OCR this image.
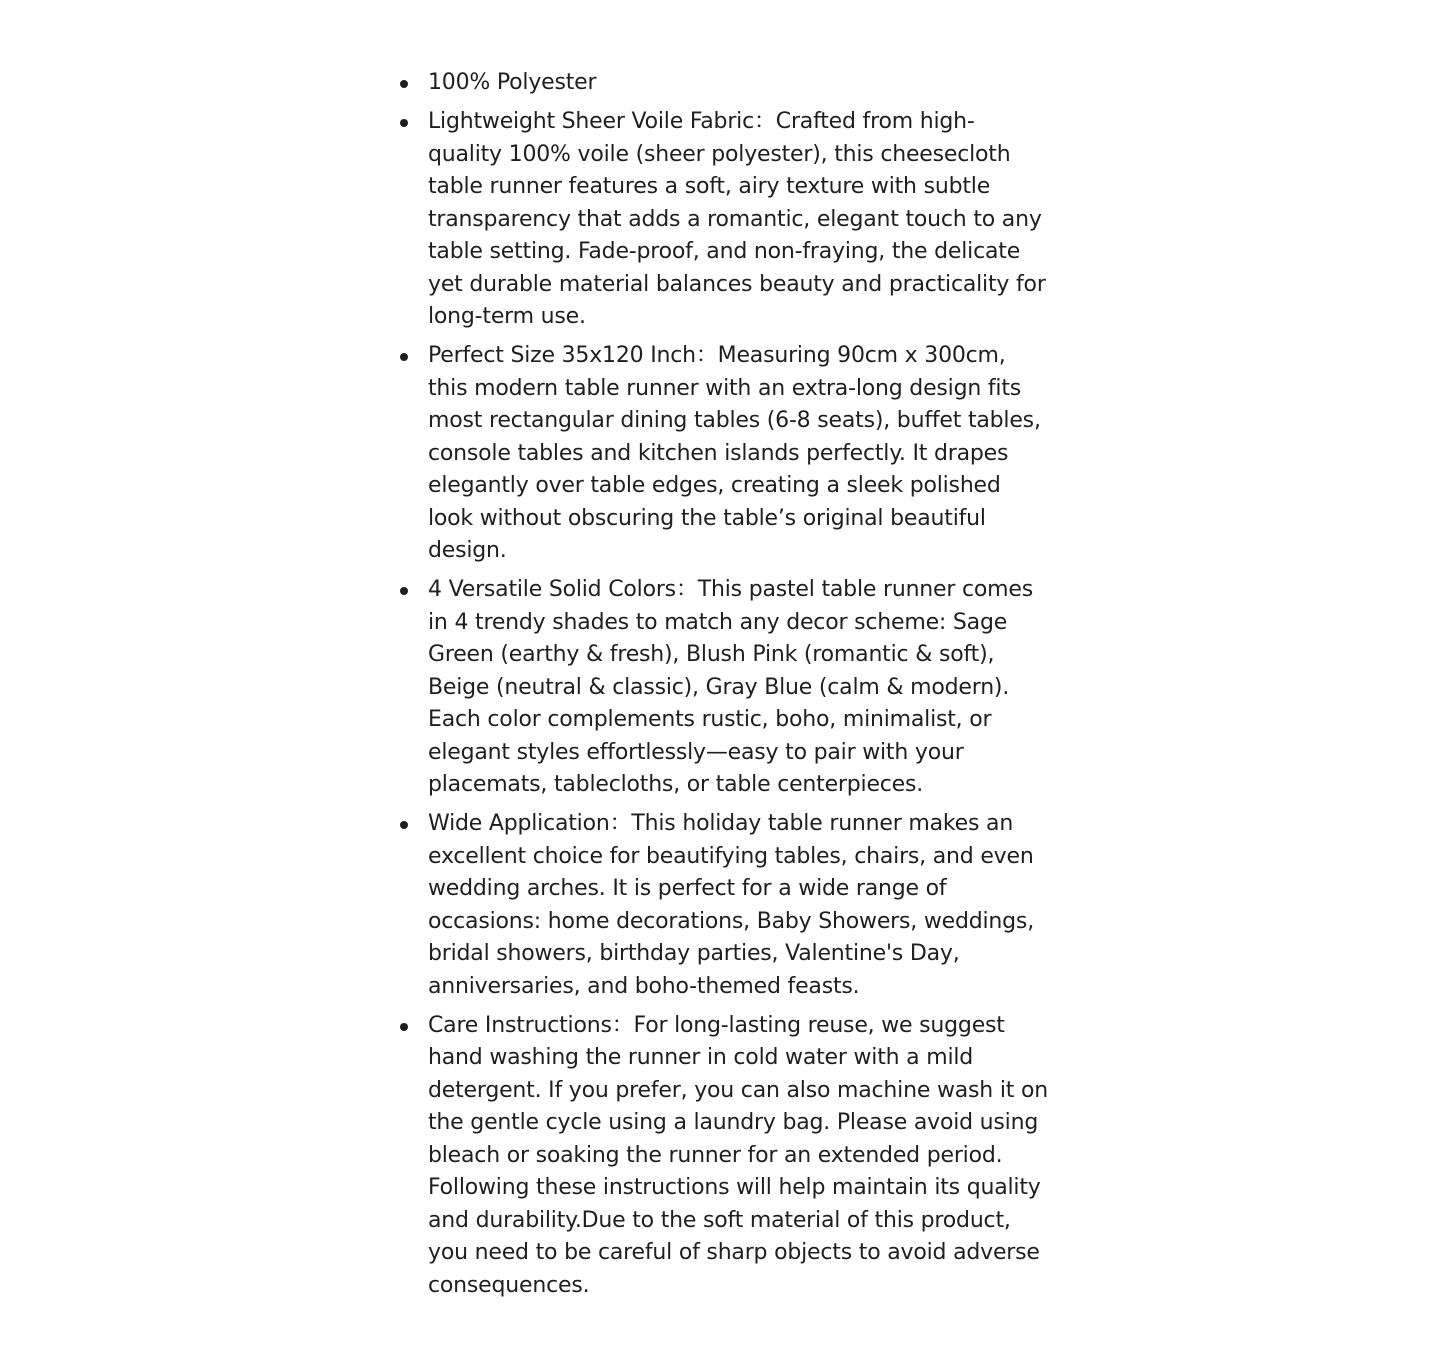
100% Polyester
Lightweight Sheer Voile Fabric：Crafted from high-quality 100% voile (sheer polyester), this cheesecloth table runner features a soft, airy texture with subtle transparency that adds a romantic, elegant touch to any table setting. Fade-proof, and non-fraying, the delicate yet durable material balances beauty and practicality for long-term use.
Perfect Size 35x120 Inch：Measuring 90cm x 300cm, this modern table runner with an extra-long design fits most rectangular dining tables (6-8 seats), buffet tables, console tables and kitchen islands perfectly. It drapes elegantly over table edges, creating a sleek polished look without obscuring the table’s original beautiful design.
4 Versatile Solid Colors：This pastel table runner comes in 4 trendy shades to match any decor scheme: Sage Green (earthy & fresh), Blush Pink (romantic & soft), Beige (neutral & classic), Gray Blue (calm & modern). Each color complements rustic, boho, minimalist, or elegant styles effortlessly—easy to pair with your placemats, tablecloths, or table centerpieces.
Wide Application：This holiday table runner makes an excellent choice for beautifying tables, chairs, and even wedding arches. It is perfect for a wide range of occasions: home decorations, Baby Showers, weddings, bridal showers, birthday parties, Valentine's Day, anniversaries, and boho-themed feasts.
Care Instructions：For long-lasting reuse, we suggest hand washing the runner in cold water with a mild detergent. If you prefer, you can also machine wash it on the gentle cycle using a laundry bag. Please avoid using bleach or soaking the runner for an extended period. Following these instructions will help maintain its quality and durability.Due to the soft material of this product, you need to be careful of sharp objects to avoid adverse consequences.
